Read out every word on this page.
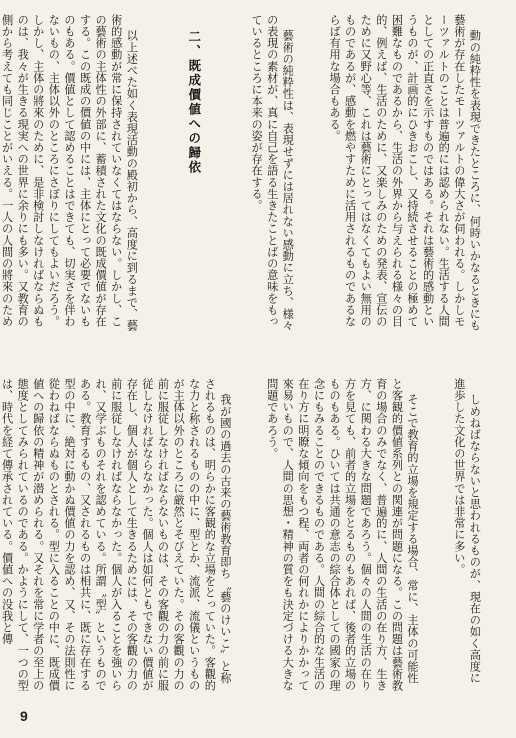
動の純粋性を表現できたところに、何時いかなるときにも藝術が存在したモーツァルトの偉大さが伺われる。しかしモーツァルトのことは普遍的には認められない。生活する人間としての正直さを示すものではある。それは藝術的感動というものが、計画的にひきおこし、又持続させることの極めて困難なものであるから、生活の外界から与えられる様々の目的、例えば、生活のために、又楽しみのための発表、宣伝のために又野心等、これは藝術にとってはなくてもよい無用のものであるが、感動を燃やすために活用されるものであるならば有用な場合もある。

藝術の純粋性は、表現せずには居れない感動に立ち、様々の表現の素材が、真に自己を語る生きたことばの意味をもっているところに本来の姿が存在する。

二、既成價値への歸依

以上述べた如く表現活動の殿初から、高度に到るまで、藝術的感動が常に保持されていなくてはならない。しかし、この藝術の主体性の外部に、蓄積された文化の既成價値が存在する。この既成の價値の中には、主体にとって必要でないものもある。價値として認めることはできても、切実さを伴わないもの、主体以外のところにさぼりにしてもよいだろう。しかし、主体の將來のために、是非検討しなければならぬものは、我々が生きる現実への世界に余りにも多い。又教育の側から考えても同じことがいえる。一人の人間の將來のため

しめねばならないと思われるものが、現在の如く高度に進歩した文化の世界では非常に多い。

そこで教育的立場を規定する場合、常に、主体の可能性と客観的價値系列との関連が問題になる。この問題は藝術教育の場合のみでなく、普遍的に、人間の生活の在り方、生き方、に関わる大きな問題であろう。個々の人間の生活の在り方を見ても、前者的立場をとるものもあれば、後者的立場のものもある。ひいては共通の意志の綜合体としての國家の理念にもみることのできるものである。人間の綜合的な生活の在り方に明瞭な傾向をもつ程、両者の何れかによりかかって來易いもので、人間の思想・精神の質をも決定づける大きな問題であろう。

我が國の過去の古来の藝術教育即ち〝藝のけいこ〟と称されるものは、明らかに客観的な立場をとっていた。客觀的な力と称されるものの中に、型とか、流派、流儀というものが主体以外のところに厳然とそびえていた。その客觀の力の前に服従しなければならないものは、その客觀の力の前に服従しなければならなかった。個人は如何ともできない價値が存在し、個人が個人として生きるためには、その客觀の力の前に服従しなければならなかった。個人が入ることを強いられ、又学ぶものそれを認めている。所謂〝型〟というものである。教育するもの、又されるものは相共に、既に存在する型の中に、絶対に動かぬ價値の力を認め、又、その法則性に從わねばならぬものとされる。型に入ることの中に、既成價値への歸依の精神が潜められる。又それを常に学者の至上の態度としてみられているのである。かようにして、一つの型は、時代を経て傳承されている。價値への没我と傳

9
